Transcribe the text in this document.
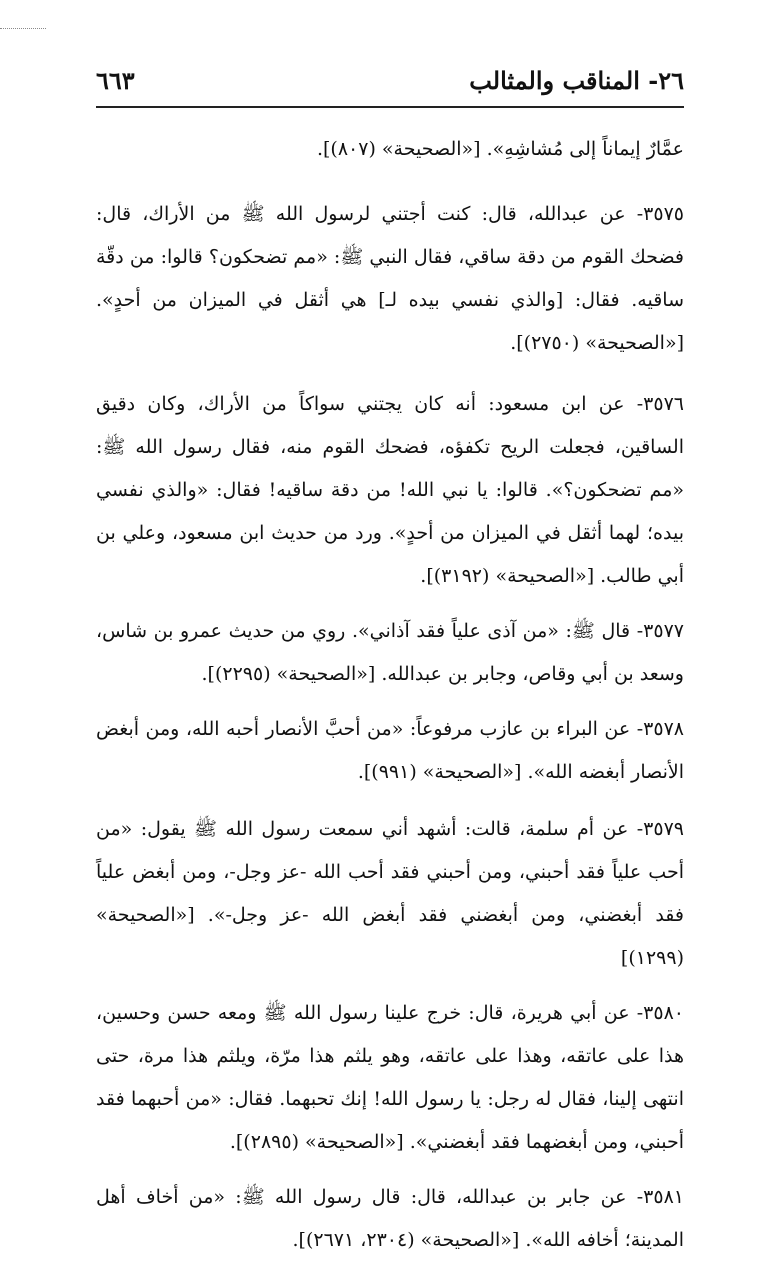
٢٦- المناقب والمثالب
٦٦٣

عمَّارٌ إيماناً إلى مُشاشِهِ». [«الصحيحة» (٨٠٧)].

٣٥٧٥- عن عبدالله، قال: كنت أجتني لرسول الله ﷺ من الأراك، قال: فضحك القوم من دقة ساقي، فقال النبي ﷺ: «مم تضحكون؟ قالوا: من دقّة ساقيه. فقال: [والذي نفسي بيده لـ] هي أثقل في الميزان من أحدٍ». [«الصحيحة» (٢٧٥٠)].

٣٥٧٦- عن ابن مسعود: أنه كان يجتني سواكاً من الأراك، وكان دقيق الساقين، فجعلت الريح تكفؤه، فضحك القوم منه، فقال رسول الله ﷺ: «مم تضحكون؟». قالوا: يا نبي الله! من دقة ساقيه! فقال: «والذي نفسي بيده؛ لهما أثقل في الميزان من أحدٍ». ورد من حديث ابن مسعود، وعلي بن أبي طالب. [«الصحيحة» (٣١٩٢)].

٣٥٧٧- قال ﷺ: «من آذى علياً فقد آذاني». روي من حديث عمرو بن شاس، وسعد بن أبي وقاص، وجابر بن عبدالله. [«الصحيحة» (٢٢٩٥)].

٣٥٧٨- عن البراء بن عازب مرفوعاً: «من أحبَّ الأنصار أحبه الله، ومن أبغض الأنصار أبغضه الله». [«الصحيحة» (٩٩١)].

٣٥٧٩- عن أم سلمة، قالت: أشهد أني سمعت رسول الله ﷺ يقول: «من أحب علياً فقد أحبني، ومن أحبني فقد أحب الله -عز وجل-، ومن أبغض علياً فقد أبغضني، ومن أبغضني فقد أبغض الله -عز وجل-». [«الصحيحة» (١٢٩٩)]

٣٥٨٠- عن أبي هريرة، قال: خرج علينا رسول الله ﷺ ومعه حسن وحسين، هذا على عاتقه، وهذا على عاتقه، وهو يلثم هذا مرّة، ويلثم هذا مرة، حتى انتهى إلينا، فقال له رجل: يا رسول الله! إنك تحبهما. فقال: «من أحبهما فقد أحبني، ومن أبغضهما فقد أبغضني». [«الصحيحة» (٢٨٩٥)].

٣٥٨١- عن جابر بن عبدالله، قال: قال رسول الله ﷺ: «من أخاف أهل المدينة؛ أخافه الله». [«الصحيحة» (٢٣٠٤، ٢٦٧١)].
